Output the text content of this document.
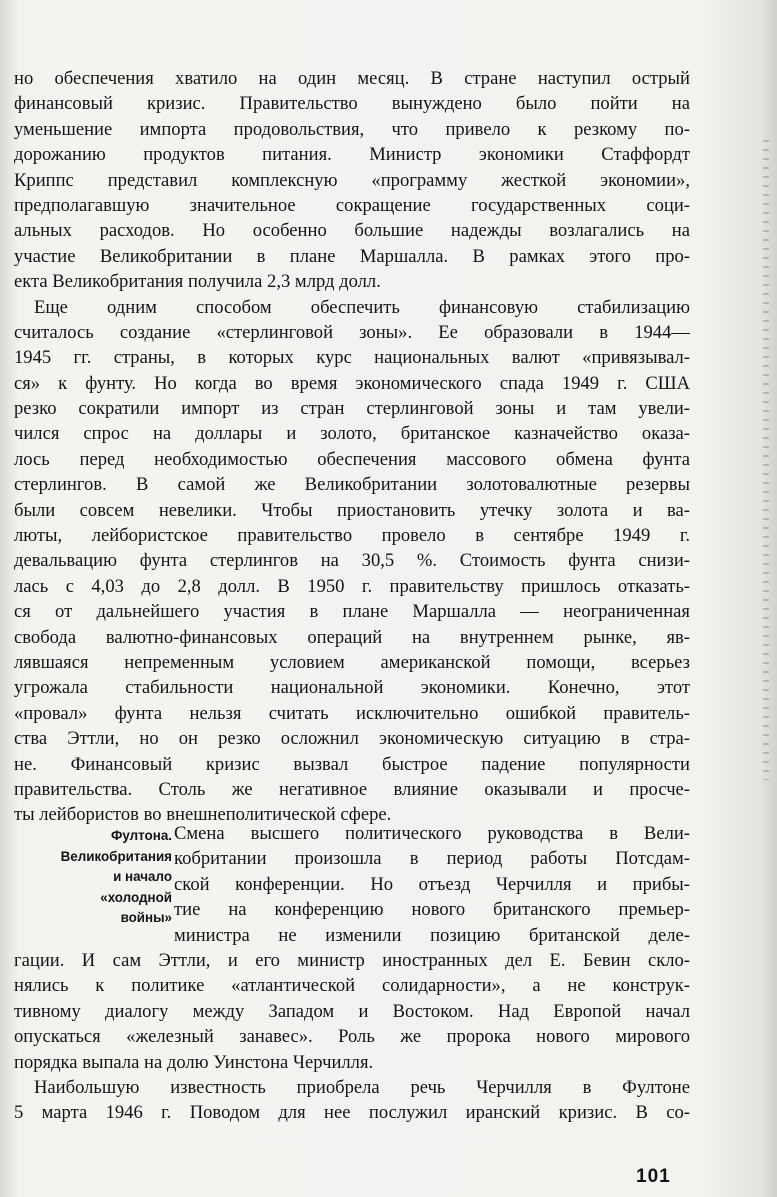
но обеспечения хватило на один месяц. В стране наступил острый
финансовый кризис. Правительство вынуждено было пойти на
уменьшение импорта продовольствия, что привело к резкому по-
дорожанию продуктов питания. Министр экономики Стаффордт
Криппс представил комплексную «программу жесткой экономии»,
предполагавшую значительное сокращение государственных соци-
альных расходов. Но особенно большие надежды возлагались на
участие Великобритании в плане Маршалла. В рамках этого про-
екта Великобритания получила 2,3 млрд долл.
Еще одним способом обеспечить финансовую стабилизацию
считалось создание «стерлинговой зоны». Ее образовали в 1944—
1945 гг. страны, в которых курс национальных валют «привязывал-
ся» к фунту. Но когда во время экономического спада 1949 г. США
резко сократили импорт из стран стерлинговой зоны и там увели-
чился спрос на доллары и золото, британское казначейство оказа-
лось перед необходимостью обеспечения массового обмена фунта
стерлингов. В самой же Великобритании золотовалютные резервы
были совсем невелики. Чтобы приостановить утечку золота и ва-
люты, лейбористское правительство провело в сентябре 1949 г.
девальвацию фунта стерлингов на 30,5 %. Стоимость фунта снизи-
лась с 4,03 до 2,8 долл. В 1950 г. правительству пришлось отказать-
ся от дальнейшего участия в плане Маршалла — неограниченная
свобода валютно-финансовых операций на внутреннем рынке, яв-
лявшаяся непременным условием американской помощи, всерьез
угрожала стабильности национальной экономики. Конечно, этот
«провал» фунта нельзя считать исключительно ошибкой правитель-
ства Эттли, но он резко осложнил экономическую ситуацию в стра-
не. Финансовый кризис вызвал быстрое падение популярности
правительства. Столь же негативное влияние оказывали и просче-
ты лейбористов во внешнеполитической сфере.
Фултона.
Великобритания
и начало
«холодной
войны»
Смена высшего политического руководства в Вели-
кобритании произошла в период работы Потсдам-
ской конференции. Но отъезд Черчилля и прибы-
тие на конференцию нового британского премьер-
министра не изменили позицию британской деле-
гации. И сам Эттли, и его министр иностранных дел Е. Бевин скло-
нялись к политике «атлантической солидарности», а не конструк-
тивному диалогу между Западом и Востоком. Над Европой начал
опускаться «железный занавес». Роль же пророка нового мирового
порядка выпала на долю Уинстона Черчилля.
Наибольшую известность приобрела речь Черчилля в Фултоне
5 марта 1946 г. Поводом для нее послужил иранский кризис. В со-
101
